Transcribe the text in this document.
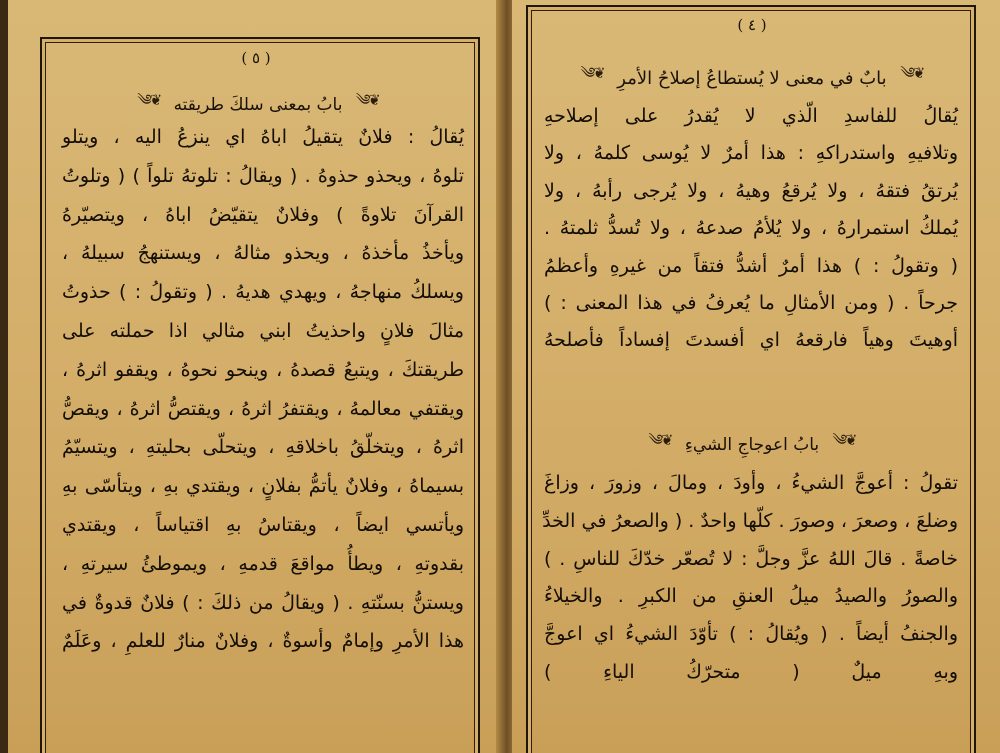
( ٥ )
❦༄ بابُ بمعنى سلكَ طريقته ❦༄
يُقالُ : فلانٌ يتقيلُ اباهُ اي ينزعُ اليه ، ويتلو
تلوهُ ، ويحذو حذوهُ . ( ويقالُ : تلوتهُ تلواً ) ( وتلوتُ
القرآنَ تلاوةً ) وفلانٌ يتقيّضُ اباهُ ، ويتصيّرهُ
ويأخذُ مأخذهُ ، ويحذو مثالهُ ، ويستنهجُ سبيلهُ ،
ويسلكُ منهاجهُ ، ويهدي هديهُ . ( وتقولُ : ) حذوتُ
مثالَ فلانٍ واحذيتُ ابني مثالي اذا حملته على
طريقتكَ ، ويتبعُ قصدهُ ، وينحو نحوهُ ، ويقفو اثرهُ ،
ويقتفي معالمهُ ، ويقتفرُ اثرهُ ، ويقتصُّ اثرهُ ، ويقصُّ
اثرهُ ، ويتخلّقُ باخلاقهِ ، ويتحلّى بحليتهِ ، ويتسيّمُ
بسيماهُ ، وفلانٌ يأتمُّ بفلانٍ ، ويقتدي بهِ ، ويتأسّى بهِ
ويأتسي ايضاً ، ويقتاسُ بهِ اقتياساً ، ويقتدي
بقدوتهِ ، ويطأُ مواقعَ قدمهِ ، ويموطئُ سيرتهِ ،
ويستنُّ بسنّتهِ . ( ويقالُ من ذلكَ : ) فلانٌ قدوةٌ في
هذا الأمرِ وإمامٌ وأسوةٌ ، وفلانٌ منارٌ للعلمِ ، وعَلَمٌ
( ٤ )
❦༄ بابٌ في معنى لا يُستطاعُ إصلاحُ الأمرِ ❦༄
يُقالُ للفاسدِ الّذي لا يُقدرُ على إصلاحهِ
وتلافيهِ واستدراكهِ : هذا أمرٌ لا يُوسى كلمهُ ، ولا
يُرتقُ فتقهُ ، ولا يُرقعُ وهيهُ ، ولا يُرجى رأبهُ ، ولا
يُملكُ استمرارهُ ، ولا يُلأمُ صدعهُ ، ولا تُسدُّ ثلمتهُ .
( وتقولُ : ) هذا أمرٌ أشدُّ فتقاً من غيرهِ وأعظمُ
جرحاً . ( ومن الأمثالِ ما يُعرفُ في هذا المعنى : )
أوهيتَ وهياً فارقعهُ اي أفسدتَ إفساداً فأصلحهُ
❦༄ بابُ اعوجاجِ الشيءِ ❦༄
تقولُ : أعوجَّ الشيءُ ، وأودَ ، ومالَ ، وزورَ ، وزاغَ
وضلعَ ، وصعرَ ، وصورَ . كلّها واحدٌ . ( والصعرُ في الخدِّ
خاصةً . قالَ اللهُ عزَّ وجلَّ : لا تُصعّر خدّكَ للناسِ . )
والصورُ والصيدُ ميلُ العنقِ من الكبرِ . والخيلاءُ
والجنفُ أيضاً . ( ويُقالُ : ) تأوّدَ الشيءُ اي اعوجَّ
وبهِ ميلٌ ( متحرّكُ الياءِ )
